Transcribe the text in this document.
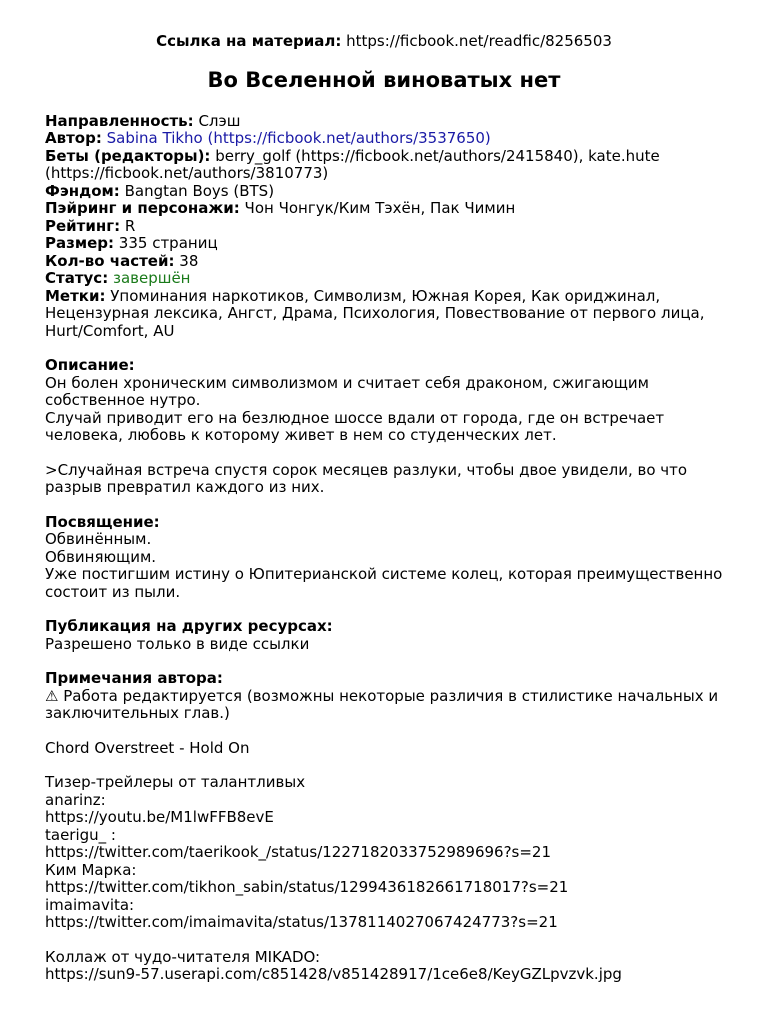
Ссылка на материал: https://ficbook.net/readfic/8256503
Во Вселенной виноватых нет
Направленность: Слэш
Автор: Sabina Tikho (https://ficbook.net/authors/3537650)
Беты (редакторы): berry_golf (https://ficbook.net/authors/2415840), kate.hute (https://ficbook.net/authors/3810773)
Фэндом: Bangtan Boys (BTS)
Пэйринг и персонажи: Чон Чонгук/Ким Тэхён, Пак Чимин
Рейтинг: R
Размер: 335 страниц
Кол-во частей: 38
Статус: завершён
Метки: Упоминания наркотиков, Символизм, Южная Корея, Как ориджинал, Нецензурная лексика, Ангст, Драма, Психология, Повествование от первого лица, Hurt/Comfort, AU
Описание:
Он болен хроническим символизмом и считает себя драконом, сжигающим собственное нутро.
Случай приводит его на безлюдное шоссе вдали от города, где он встречает человека, любовь к которому живет в нем со студенческих лет.
>Случайная встреча спустя сорок месяцев разлуки, чтобы двое увидели, во что разрыв превратил каждого из них.
Посвящение:
Обвинённым.
Обвиняющим.
Уже постигшим истину о Юпитерианской системе колец, которая преимущественно состоит из пыли.
Публикация на других ресурсах:
Разрешено только в виде ссылки
Примечания автора:
⚠ Работа редактируется (возможны некоторые различия в стилистике начальных и заключительных глав.)
Chord Overstreet - Hold On
Тизер-трейлеры от талантливых
anarinz:
https://youtu.be/M1lwFFB8evE
taerigu_ :
https://twitter.com/taerikook_/status/1227182033752989696?s=21
Ким Марка:
https://twitter.com/tikhon_sabin/status/1299436182661718017?s=21
imaimavita:
https://twitter.com/imaimavita/status/1378114027067424773?s=21
Коллаж от чудо-читателя MIKADO:
https://sun9-57.userapi.com/c851428/v851428917/1ce6e8/KeyGZLpvzvk.jpg
